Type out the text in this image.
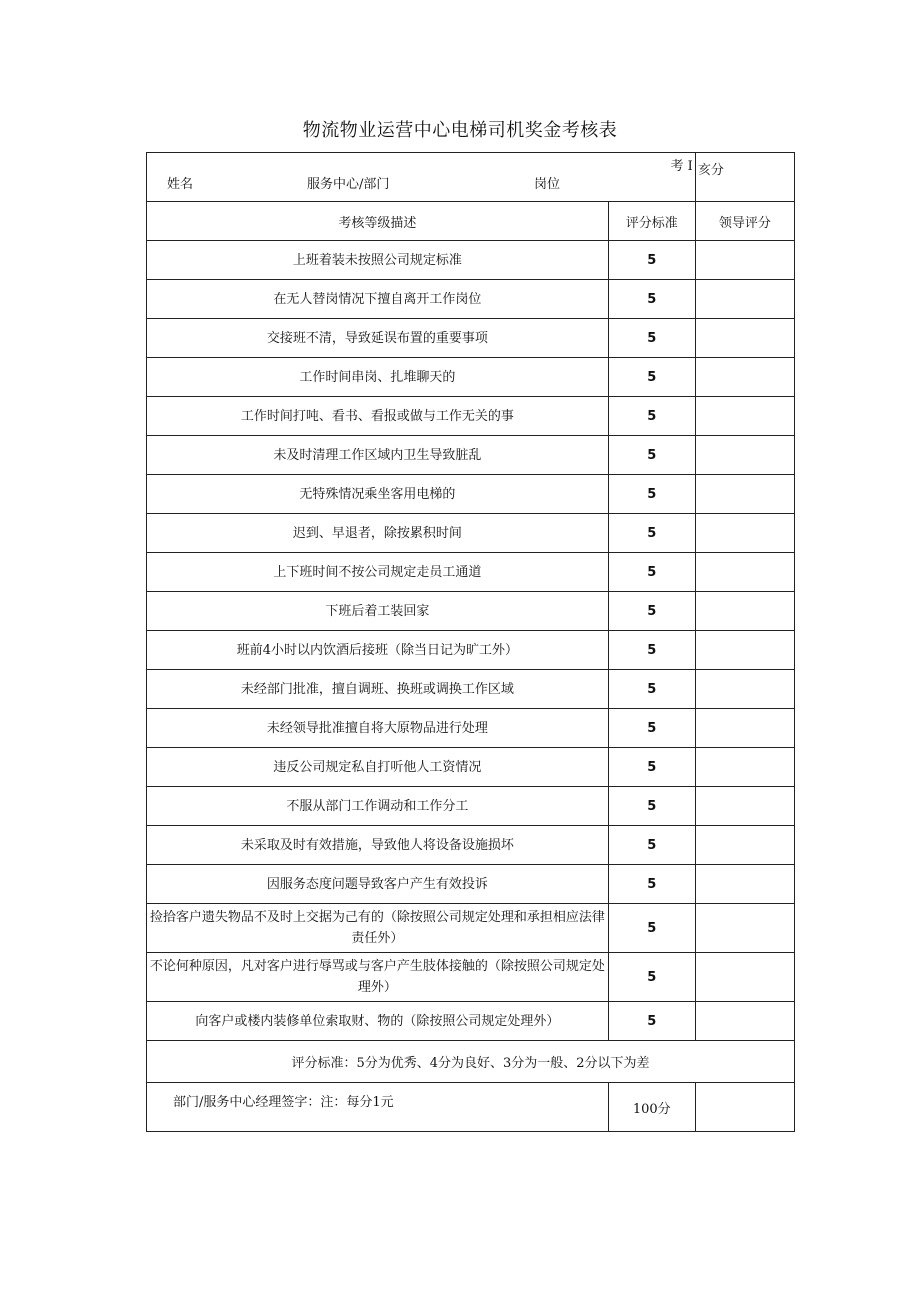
物流物业运营中心电梯司机奖金考核表
姓名 服务中心/部门 岗位
考 I		亥分

考核等级描述	评分标准	领导评分
上班着装未按照公司规定标准	5	
在无人替岗情况下擅自离开工作岗位	5	
交接班不清，导致延误布置的重要事项	5	
工作时间串岗、扎堆聊天的	5	
工作时间打吨、看书、看报或做与工作无关的事	5	
未及时清理工作区域内卫生导致脏乱	5	
无特殊情况乘坐客用电梯的	5	
迟到、早退者，除按累积时间	5	
上下班时间不按公司规定走员工通道	5	
下班后着工装回家	5	
班前4小时以内饮酒后接班（除当日记为旷工外）	5	
未经部门批准，擅自调班、换班或调换工作区域	5	
未经领导批准擅自将大原物品进行处理	5	
违反公司规定私自打听他人工资情况	5	
不服从部门工作调动和工作分工	5	
未采取及时有效措施，导致他人将设备设施损坏	5	
因服务态度问题导致客户产生有效投诉	5	
捡拾客户遗失物品不及时上交据为己有的（除按照公司规定处理和承担相应法律责任外）	5	
不论何种原因，凡对客户进行辱骂或与客户产生肢体接触的（除按照公司规定处理外）	5	
向客户或楼内装修单位索取财、物的（除按照公司规定处理外）	5	
评分标准：5分为优秀、4分为良好、3分为一般、2分以下为差		

部门/服务中心经理签字：注：每分1元	100分	
